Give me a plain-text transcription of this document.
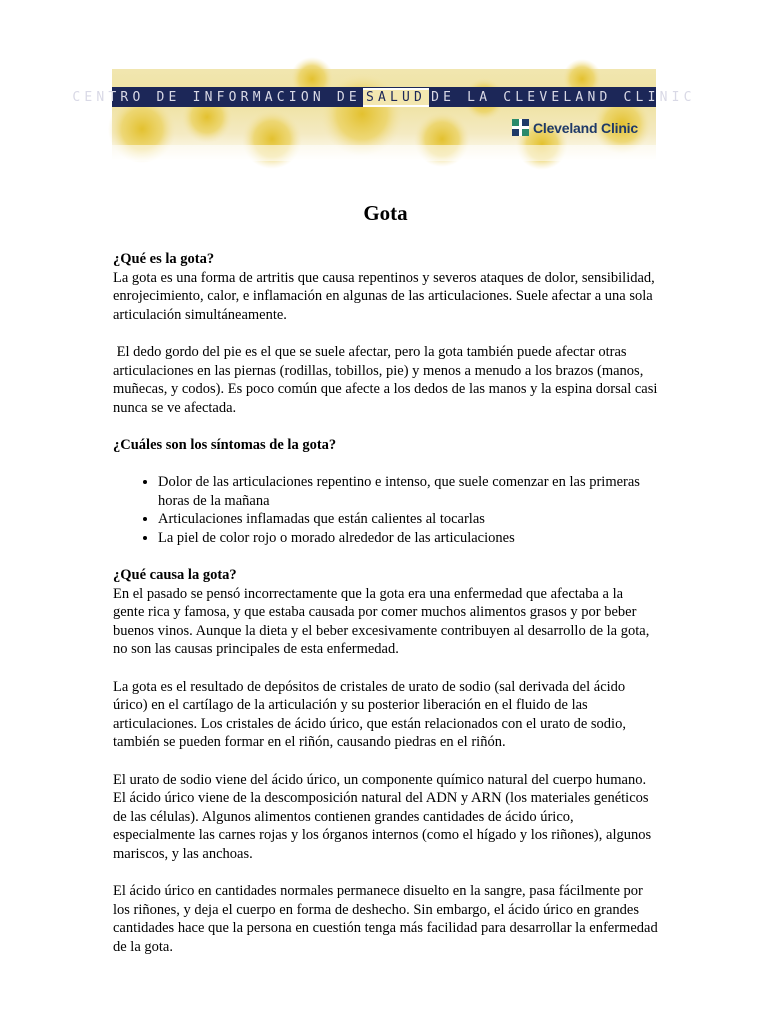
CENTRO DE INFORMACION DE SALUD DE LA CLEVELAND CLINIC
Cleveland Clinic
Gota
¿Qué es la gota?

La gota es una forma de artritis que causa repentinos y severos ataques de dolor, sensibilidad, enrojecimiento, calor, e inflamación en algunas de las articulaciones. Suele afectar a una sola articulación simultáneamente.

El dedo gordo del pie es el que se suele afectar, pero la gota también puede afectar otras articulaciones en las piernas (rodillas, tobillos, pie) y menos a menudo a los brazos (manos, muñecas, y codos). Es poco común que afecte a los dedos de las manos y la espina dorsal casi nunca se ve afectada.

¿Cuáles son los síntomas de la gota?
• Dolor de las articulaciones repentino e intenso, que suele comenzar en las primeras horas de la mañana
• Articulaciones inflamadas que están calientes al tocarlas
• La piel de color rojo o morado alrededor de las articulaciones
¿Qué causa la gota?

En el pasado se pensó incorrectamente que la gota era una enfermedad que afectaba a la gente rica y famosa, y que estaba causada por comer muchos alimentos grasos y por beber buenos vinos. Aunque la dieta y el beber excesivamente contribuyen al desarrollo de la gota, no son las causas principales de esta enfermedad.

La gota es el resultado de depósitos de cristales de urato de sodio (sal derivada del ácido úrico) en el cartílago de la articulación y su posterior liberación en el fluido de las articulaciones. Los cristales de ácido úrico, que están relacionados con el urato de sodio, también se pueden formar en el riñón, causando piedras en el riñón.

El urato de sodio viene del ácido úrico, un componente químico natural del cuerpo humano. El ácido úrico viene de la descomposición natural del ADN y ARN (los materiales genéticos de las células). Algunos alimentos contienen grandes cantidades de ácido úrico, especialmente las carnes rojas y los órganos internos (como el hígado y los riñones), algunos mariscos, y las anchoas.

El ácido úrico en cantidades normales permanece disuelto en la sangre, pasa fácilmente por los riñones, y deja el cuerpo en forma de deshecho. Sin embargo, el ácido úrico en grandes cantidades hace que la persona en cuestión tenga más facilidad para desarrollar la enfermedad de la gota.
